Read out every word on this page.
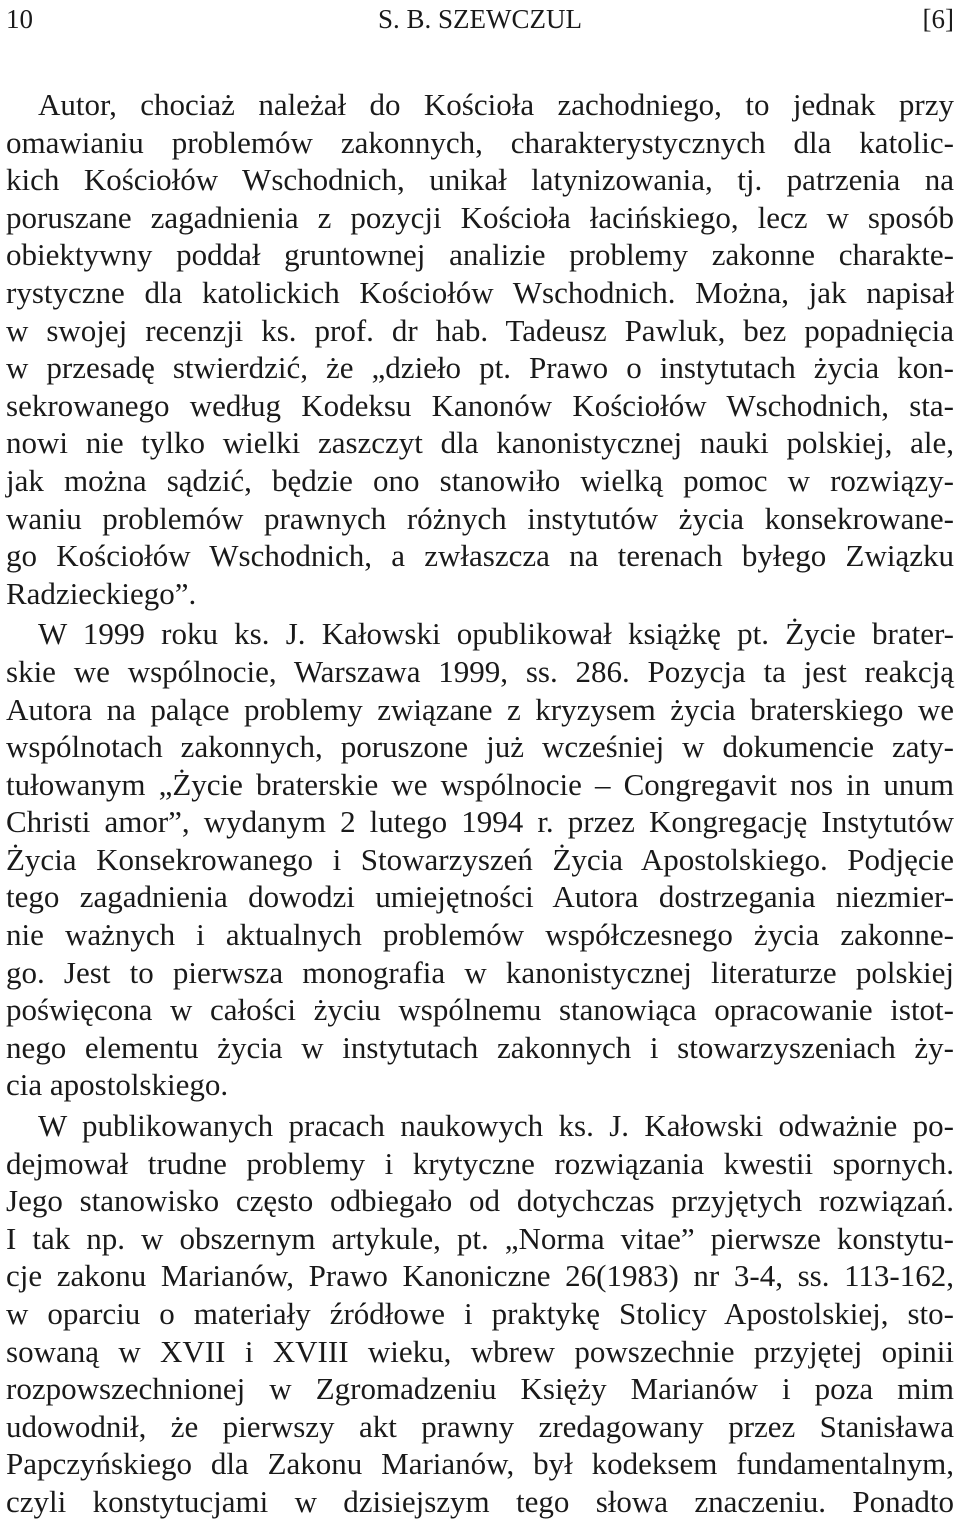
10	S. B. SZEWCZUL	[6]
Autor, chociaż należał do Kościoła zachodniego, to jednak przy
omawianiu problemów zakonnych, charakterystycznych dla katolic-
kich Kościołów Wschodnich, unikał latynizowania, tj. patrzenia na
poruszane zagadnienia z pozycji Kościoła łacińskiego, lecz w sposób
obiektywny poddał gruntownej analizie problemy zakonne charakte-
rystyczne dla katolickich Kościołów Wschodnich. Można, jak napisał
w swojej recenzji ks. prof. dr hab. Tadeusz Pawluk, bez popadnięcia
w przesadę stwierdzić, że „dzieło pt. Prawo o instytutach życia kon-
sekrowanego według Kodeksu Kanonów Kościołów Wschodnich, sta-
nowi nie tylko wielki zaszczyt dla kanonistycznej nauki polskiej, ale,
jak można sądzić, będzie ono stanowiło wielką pomoc w rozwiązy-
waniu problemów prawnych różnych instytutów życia konsekrowane-
go Kościołów Wschodnich, a zwłaszcza na terenach byłego Związku
Radzieckiego”.
W 1999 roku ks. J. Kałowski opublikował książkę pt. Życie brater-
skie we wspólnocie, Warszawa 1999, ss. 286. Pozycja ta jest reakcją
Autora na palące problemy związane z kryzysem życia braterskiego we
wspólnotach zakonnych, poruszone już wcześniej w dokumencie zaty-
tułowanym „Życie braterskie we wspólnocie – Congregavit nos in unum
Christi amor”, wydanym 2 lutego 1994 r. przez Kongregację Instytutów
Życia Konsekrowanego i Stowarzyszeń Życia Apostolskiego. Podjęcie
tego zagadnienia dowodzi umiejętności Autora dostrzegania niezmier-
nie ważnych i aktualnych problemów współczesnego życia zakonne-
go. Jest to pierwsza monografia w kanonistycznej literaturze polskiej
poświęcona w całości życiu wspólnemu stanowiąca opracowanie istot-
nego elementu życia w instytutach zakonnych i stowarzyszeniach ży-
cia apostolskiego.
W publikowanych pracach naukowych ks. J. Kałowski odważnie po-
dejmował trudne problemy i krytyczne rozwiązania kwestii spornych.
Jego stanowisko często odbiegało od dotychczas przyjętych rozwiązań.
I tak np. w obszernym artykule, pt. „Norma vitae” pierwsze konstytu-
cje zakonu Marianów, Prawo Kanoniczne 26(1983) nr 3-4, ss. 113-162,
w oparciu o materiały źródłowe i praktykę Stolicy Apostolskiej, sto-
sowaną w XVII i XVIII wieku, wbrew powszechnie przyjętej opinii
rozpowszechnionej w Zgromadzeniu Księży Marianów i poza mim
udowodnił, że pierwszy akt prawny zredagowany przez Stanisława
Papczyńskiego dla Zakonu Marianów, był kodeksem fundamentalnym,
czyli konstytucjami w dzisiejszym tego słowa znaczeniu. Ponadto
